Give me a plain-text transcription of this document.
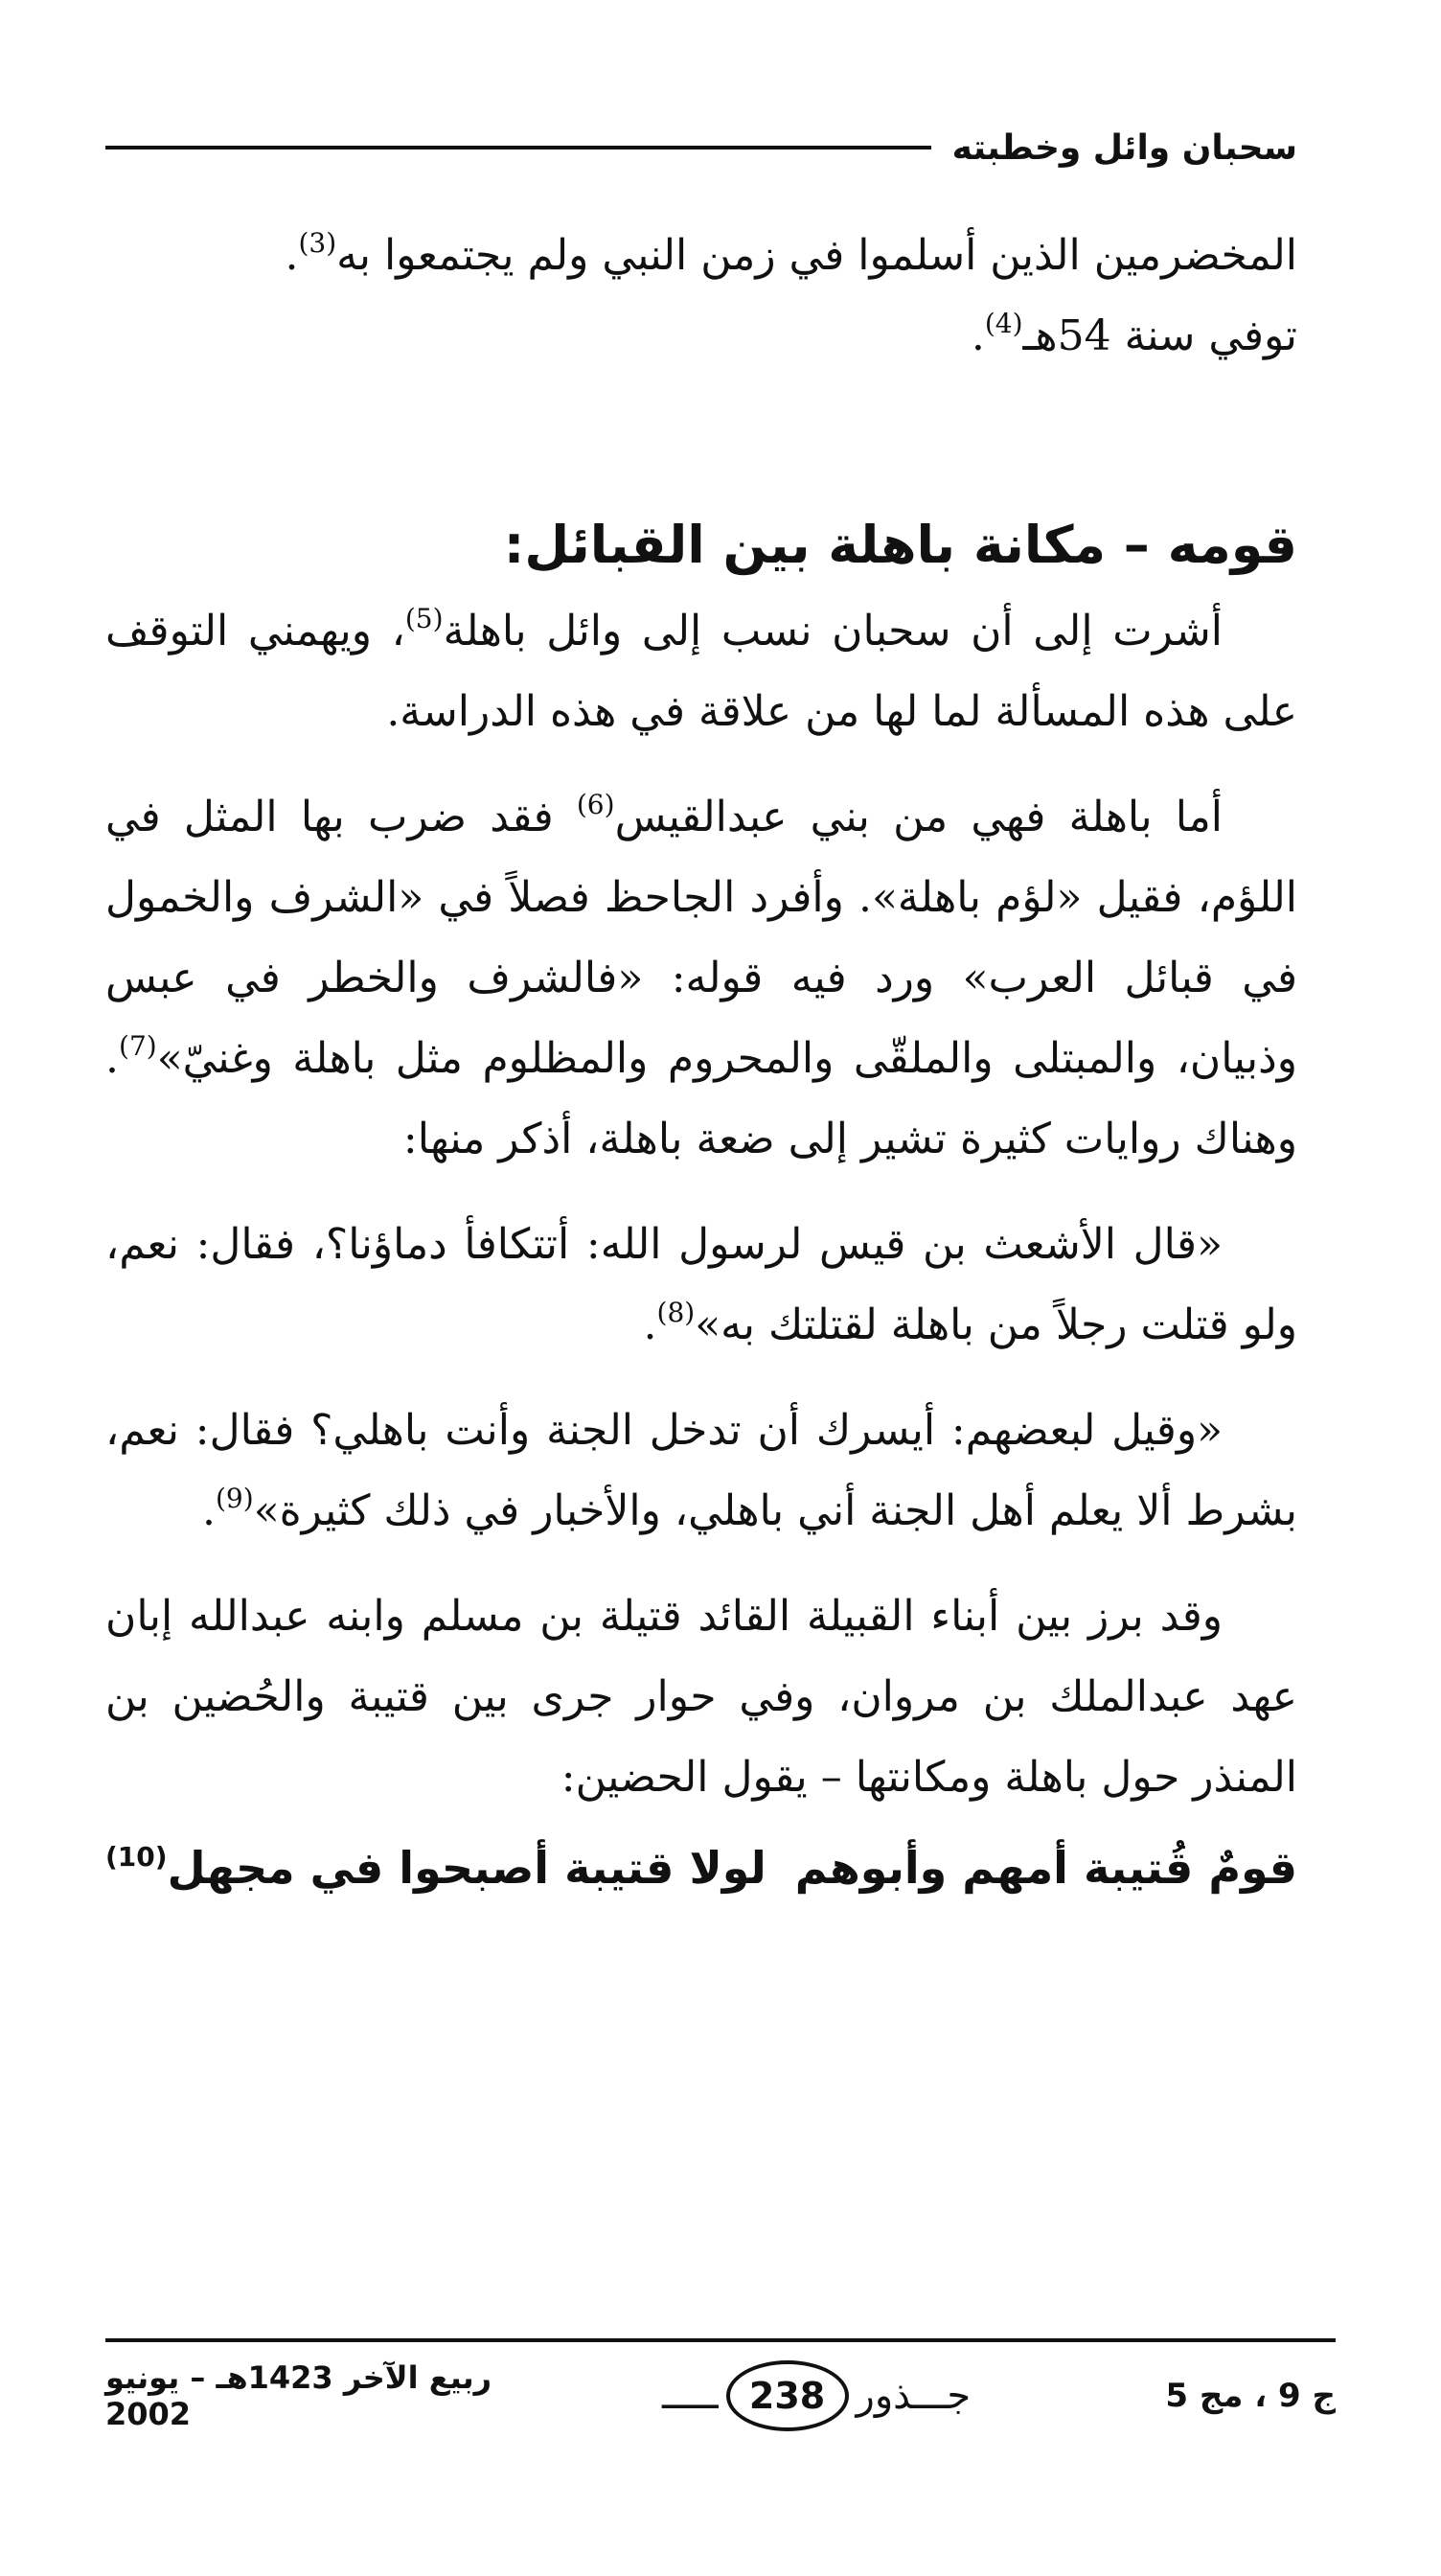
سحبان وائل وخطبته

المخضرمين الذين أسلموا في زمن النبي ولم يجتمعوا به$^{(3)}$.

توفي سنة 54هـ$^{(4)}$.

قومه – مكانة باهلة بين القبائل:

أشرت إلى أن سحبان نسب إلى وائل باهلة$^{(5)}$، ويهمني التوقف على هذه المسألة لما لها من علاقة في هذه الدراسة.

أما باهلة فهي من بني عبدالقيس$^{(6)}$ فقد ضرب بها المثل في اللؤم، فقيل «لؤم باهلة». وأفرد الجاحظ فصلاً في «الشرف والخمول في قبائل العرب» ورد فيه قوله: «فالشرف والخطر في عبس وذبيان، والمبتلى والملقّى والمحروم والمظلوم مثل باهلة وغنيّ»$^{(7)}$. وهناك روايات كثيرة تشير إلى ضعة باهلة، أذكر منها:

«قال الأشعث بن قيس لرسول الله: أتتكافأ دماؤنا؟، فقال: نعم، ولو قتلت رجلاً من باهلة لقتلتك به»$^{(8)}$.

«وقيل لبعضهم: أيسرك أن تدخل الجنة وأنت باهلي؟ فقال: نعم، بشرط ألا يعلم أهل الجنة أني باهلي، والأخبار في ذلك كثيرة»$^{(9)}$.

وقد برز بين أبناء القبيلة القائد قتيلة بن مسلم وابنه عبدالله إبان عهد عبدالملك بن مروان، وفي حوار جرى بين قتيبة والحُضين بن المنذر حول باهلة ومكانتها – يقول الحضين:

قومٌ قُتيبة أمهم وأبوهم
لولا قتيبة أصبحوا في مجهل$^{(10)}$
ج 9 ، مج 5
جـــذور
238
ـــــ
ربيع الآخر 1423هـ – يونيو 2002
